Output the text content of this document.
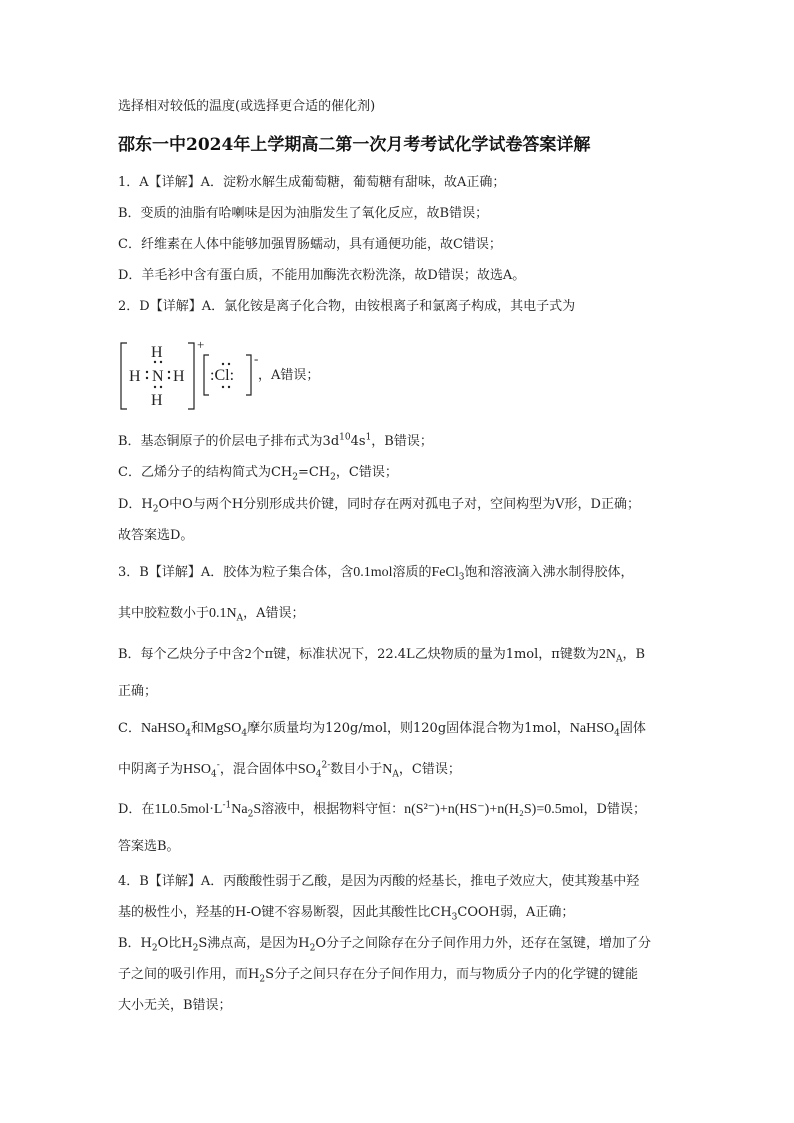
选择相对较低的温度(或选择更合适的催化剂)
邵东一中2024年上学期高二第一次月考考试化学试卷答案详解
1．A【详解】A．淀粉水解生成葡萄糖，葡萄糖有甜味，故A正确；
B．变质的油脂有哈喇味是因为油脂发生了氧化反应，故B错误；
C．纤维素在人体中能够加强胃肠蠕动，具有通便功能，故C错误；
D．羊毛衫中含有蛋白质，不能用加酶洗衣粉洗涤，故D错误；故选A。
2．D【详解】A．氯化铵是离子化合物，由铵根离子和氯离子构成，其电子式为
+
H
H N H
H
:Cl:
-
，A错误；
B．基态铜原子的价层电子排布式为$3d^{10}4s^1$，B错误；
C．乙烯分子的结构简式为$CH_2=CH_2$，C错误；
D．$H_2O$中O与两个H分别形成共价键，同时存在两对孤电子对，空间构型为V形，D正确；
故答案选D。
3．B【详解】A．胶体为粒子集合体，含0.1mol溶质的FeCl$_3$饱和溶液滴入沸水制得胶体，
其中胶粒数小于$0.1N_A$，A错误；
B．每个乙炔分子中含2个π键，标准状况下，22.4L乙炔物质的量为1mol，π键数为$2N_A$，B
正确；
C．NaHSO$_4$和MgSO$_4$摩尔质量均为120g/mol，则120g固体混合物为1mol，NaHSO$_4$固体
中阴离子为$HSO_4^-$，混合固体中$SO_4^{2-}$数目小于$N_A$，C错误；
D．在$1L0.5mol\cdot L^{-1}Na_2S$溶液中，根据物料守恒：n(S²⁻)+n(HS⁻)+n(H₂S)=0.5mol，D错误；
答案选B。
4．B【详解】A．丙酸酸性弱于乙酸，是因为丙酸的烃基长，推电子效应大，使其羧基中羟
基的极性小，羟基的H-O键不容易断裂，因此其酸性比$CH_3COOH$弱，A正确；
B．$H_2O$比$H_2S$沸点高，是因为$H_2O$分子之间除存在分子间作用力外，还存在氢键，增加了分
子之间的吸引作用，而$H_2S$分子之间只存在分子间作用力，而与物质分子内的化学键的键能
大小无关，B错误；
